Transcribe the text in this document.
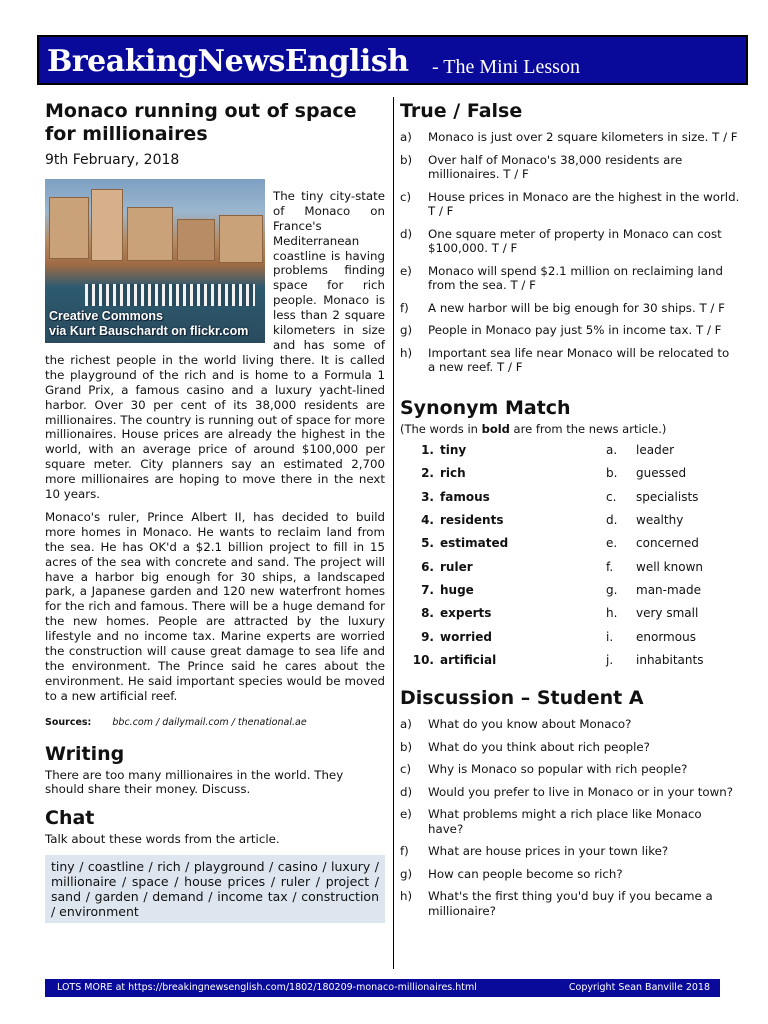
BreakingNewsEnglish - The Mini Lesson
Monaco running out of space for millionaires
9th February, 2018
Creative Commons
via Kurt Bauschardt on flickr.com

The tiny city-state of Monaco on France's Mediterranean coastline is having problems finding space for rich people. Monaco is less than 2 square kilometers in size and has some of the richest people in the world living there. It is called the playground of the rich and is home to a Formula 1 Grand Prix, a famous casino and a luxury yacht-lined harbor. Over 30 per cent of its 38,000 residents are millionaires. The country is running out of space for more millionaires. House prices are already the highest in the world, with an average price of around $100,000 per square meter. City planners say an estimated 2,700 more millionaires are hoping to move there in the next 10 years.

Monaco's ruler, Prince Albert II, has decided to build more homes in Monaco. He wants to reclaim land from the sea. He has OK'd a $2.1 billion project to fill in 15 acres of the sea with concrete and sand. The project will have a harbor big enough for 30 ships, a landscaped park, a Japanese garden and 120 new waterfront homes for the rich and famous. There will be a huge demand for the new homes. People are attracted by the luxury lifestyle and no income tax. Marine experts are worried the construction will cause great damage to sea life and the environment. The Prince said he cares about the environment. He said important species would be moved to a new artificial reef.

Sources: bbc.com / dailymail.com / thenational.ae
Writing
There are too many millionaires in the world. They should share their money. Discuss.
Chat
Talk about these words from the article.
tiny / coastline / rich / playground / casino / luxury / millionaire / space / house prices / ruler / project / sand / garden / demand / income tax / construction / environment
True / False
a)	Monaco is just over 2 square kilometers in size. T / F
b)	Over half of Monaco's 38,000 residents are millionaires. T / F
c)	House prices in Monaco are the highest in the world. T / F
d)	One square meter of property in Monaco can cost $100,000. T / F
e)	Monaco will spend $2.1 million on reclaiming land from the sea. T / F
f)	A new harbor will be big enough for 30 ships. T / F
g)	People in Monaco pay just 5% in income tax. T / F
h)	Important sea life near Monaco will be relocated to a new reef. T / F
Synonym Match
(The words in bold are from the news article.)
1. tiny	a.	leader
2. rich	b.	guessed
3. famous	c.	specialists
4. residents	d.	wealthy
5. estimated	e.	concerned
6. ruler	f.	well known
7. huge	g.	man-made
8. experts	h.	very small
9. worried	i.	enormous
10. artificial	j.	inhabitants
Discussion – Student A
a)	What do you know about Monaco?
b)	What do you think about rich people?
c)	Why is Monaco so popular with rich people?
d)	Would you prefer to live in Monaco or in your town?
e)	What problems might a rich place like Monaco have?
f)	What are house prices in your town like?
g)	How can people become so rich?
h)	What's the first thing you'd buy if you became a millionaire?
LOTS MORE at https://breakingnewsenglish.com/1802/180209-monaco-millionaires.html	Copyright Sean Banville 2018
